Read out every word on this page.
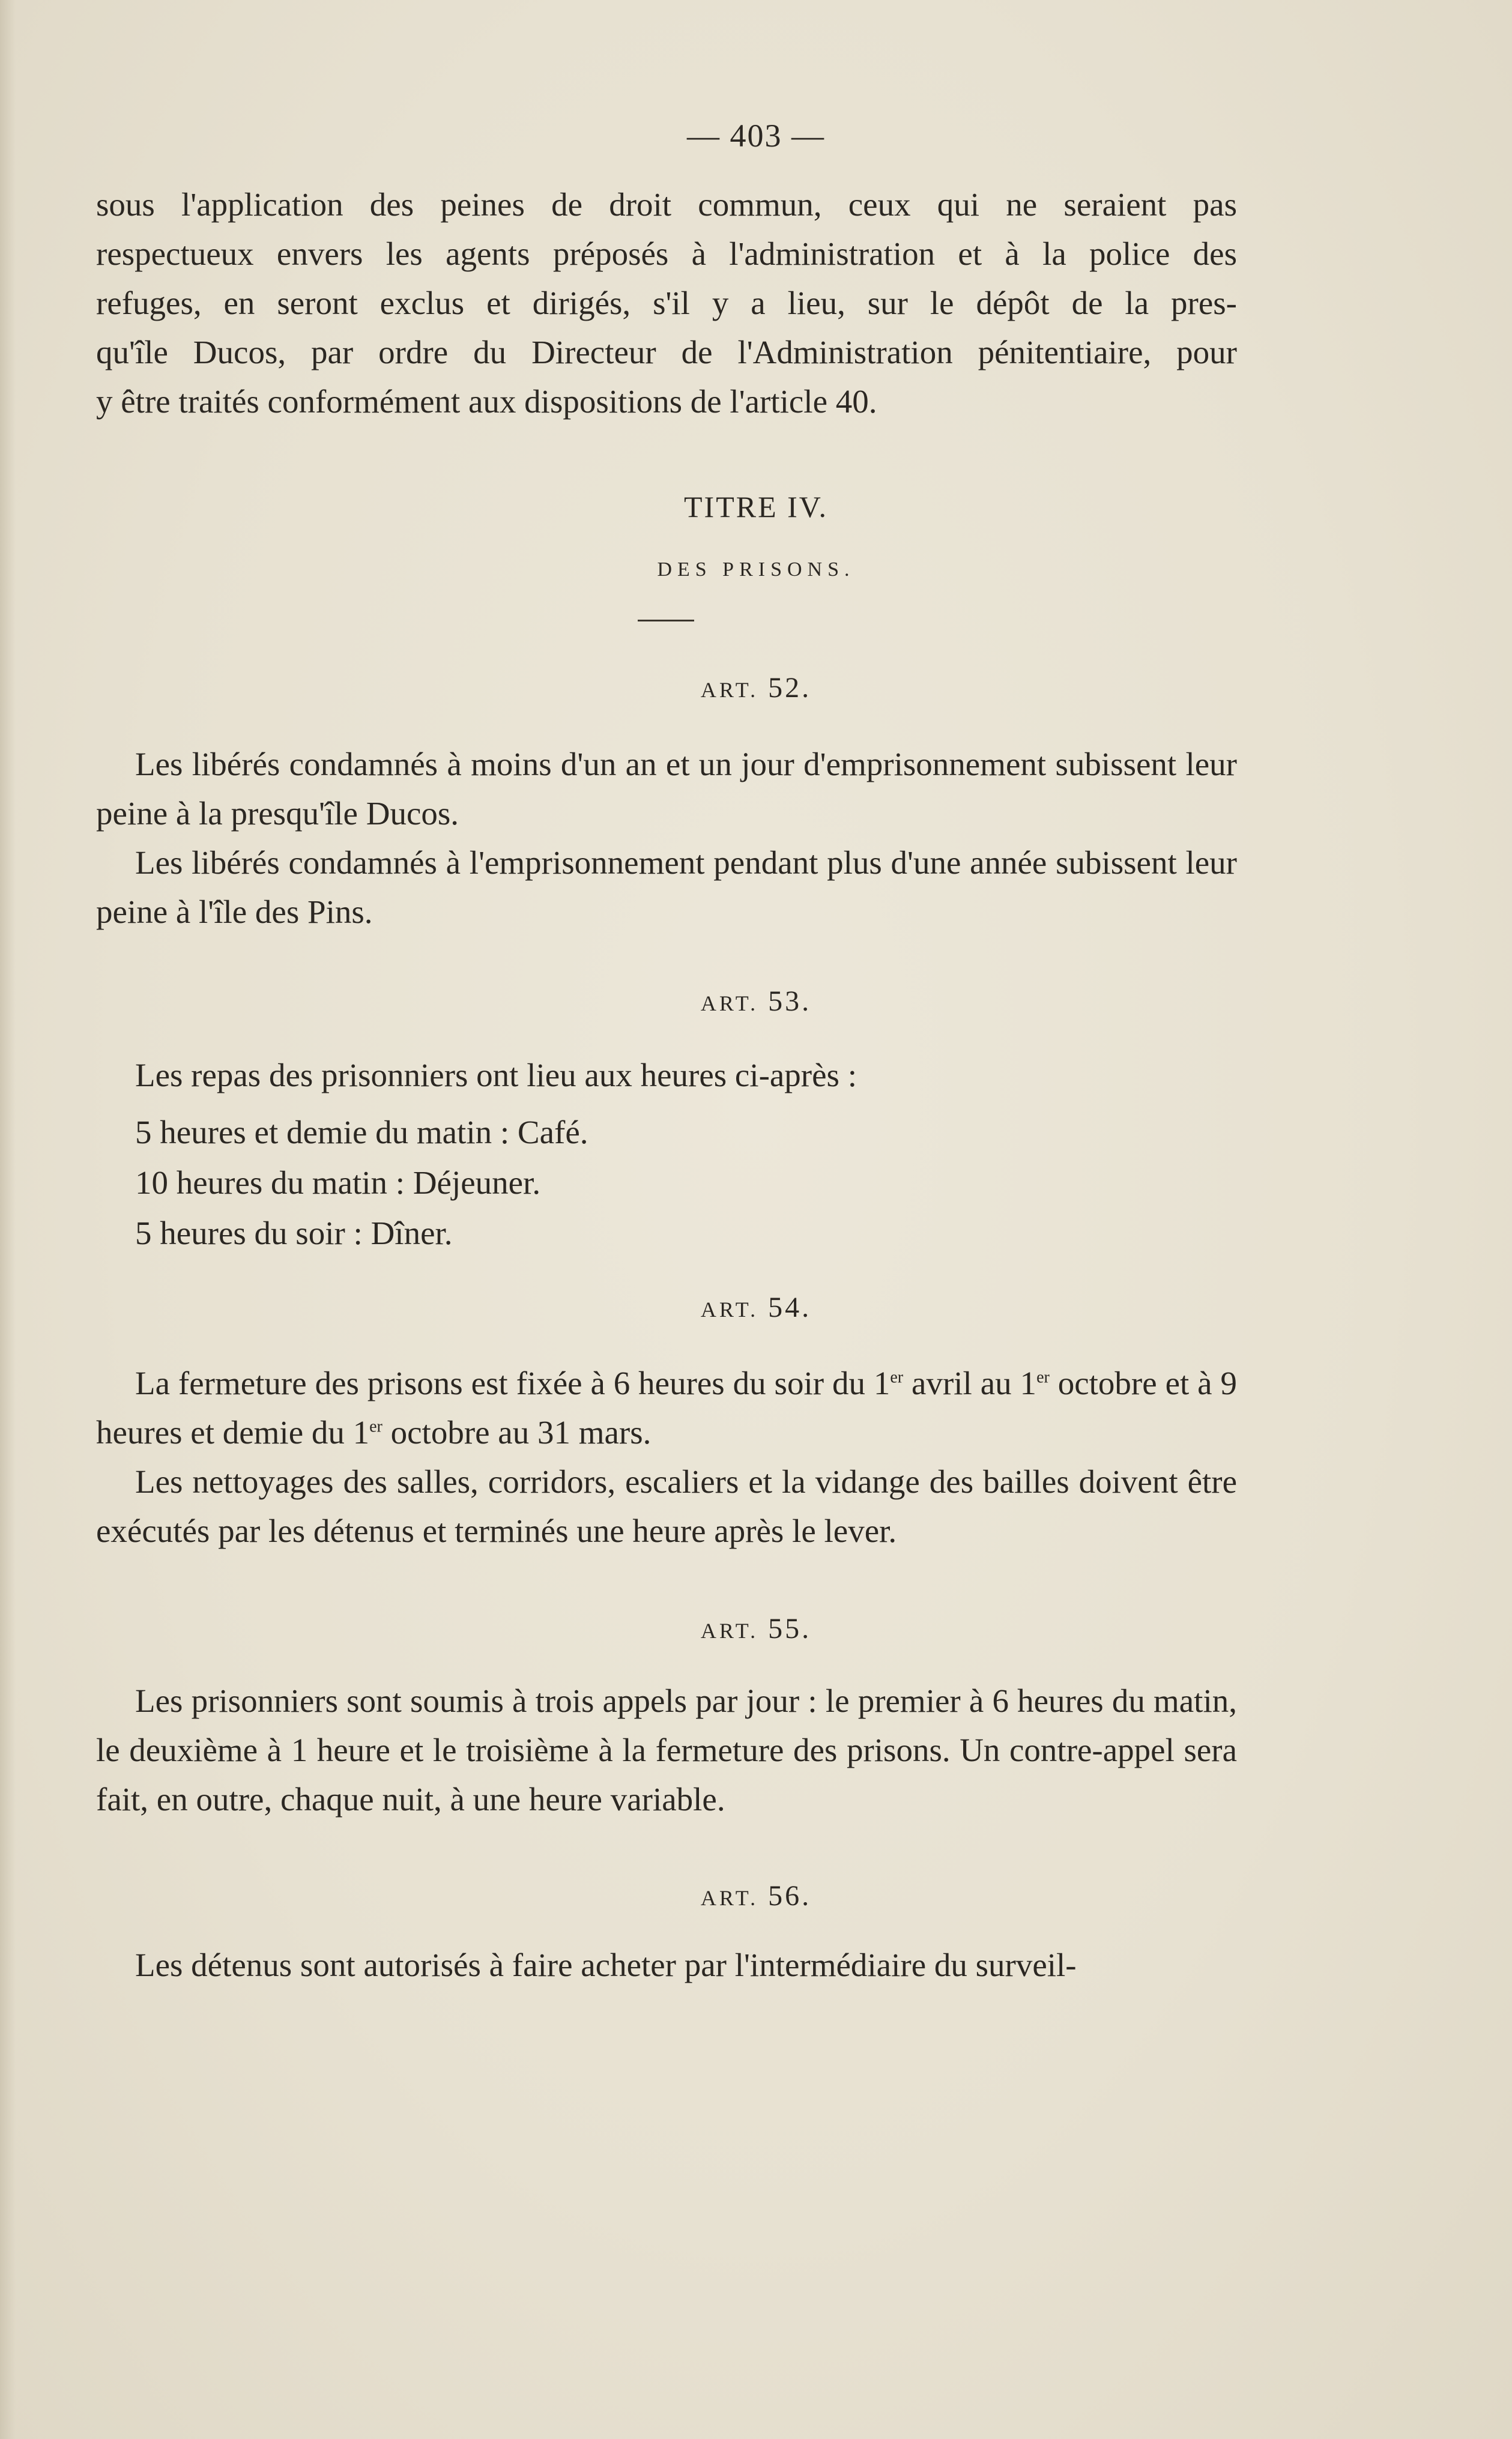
— 403 —

sous l'application des peines de droit commun, ceux qui ne seraient pas

respectueux envers les agents préposés à l'administration et à la police des

refuges, en seront exclus et dirigés, s'il y a lieu, sur le dépôt de la pres-

qu'île Ducos, par ordre du Directeur de l'Administration pénitentiaire, pour

y être traités conformément aux dispositions de l'article 40.

TITRE IV.
DES PRISONS.
ART. 52.

Les libérés condamnés à moins d'un an et un jour d'emprisonnement subissent leur peine à la presqu'île Ducos.

Les libérés condamnés à l'emprisonnement pendant plus d'une année subissent leur peine à l'île des Pins.

ART. 53.

Les repas des prisonniers ont lieu aux heures ci-après :

5 heures et demie du matin : Café.

10 heures du matin : Déjeuner.

5 heures du soir : Dîner.

ART. 54.

La fermeture des prisons est fixée à 6 heures du soir du 1er avril au 1er octobre et à 9 heures et demie du 1er octobre au 31 mars.

Les nettoyages des salles, corridors, escaliers et la vidange des bailles doivent être exécutés par les détenus et terminés une heure après le lever.

ART. 55.

Les prisonniers sont soumis à trois appels par jour : le premier à 6 heures du matin, le deuxième à 1 heure et le troisième à la fermeture des prisons. Un contre-appel sera fait, en outre, chaque nuit, à une heure variable.

ART. 56.

Les détenus sont autorisés à faire acheter par l'intermédiaire du surveil-
